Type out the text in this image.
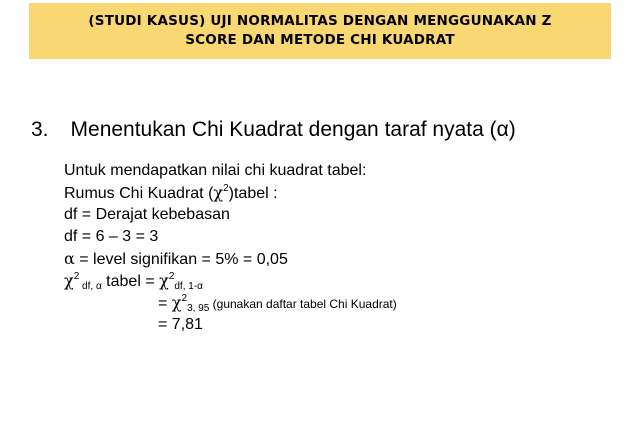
(STUDI KASUS) UJI NORMALITAS DENGAN MENGGUNAKAN Z
SCORE DAN METODE CHI KUADRAT
3. Menentukan Chi Kuadrat dengan taraf nyata (α)
Untuk mendapatkan nilai chi kuadrat tabel:
Rumus Chi Kuadrat $(\chi^2)tabel$ :
df = Derajat kebebasan
df = 6 – 3 = 3
α = level signifikan = 5% = 0,05
$\chi^2$ $_{df, \alpha}$ tabel = $\chi^2_{df, 1-\alpha}$
= $\chi^2_{3, 95}$ (gunakan daftar tabel Chi Kuadrat)
= 7,81
